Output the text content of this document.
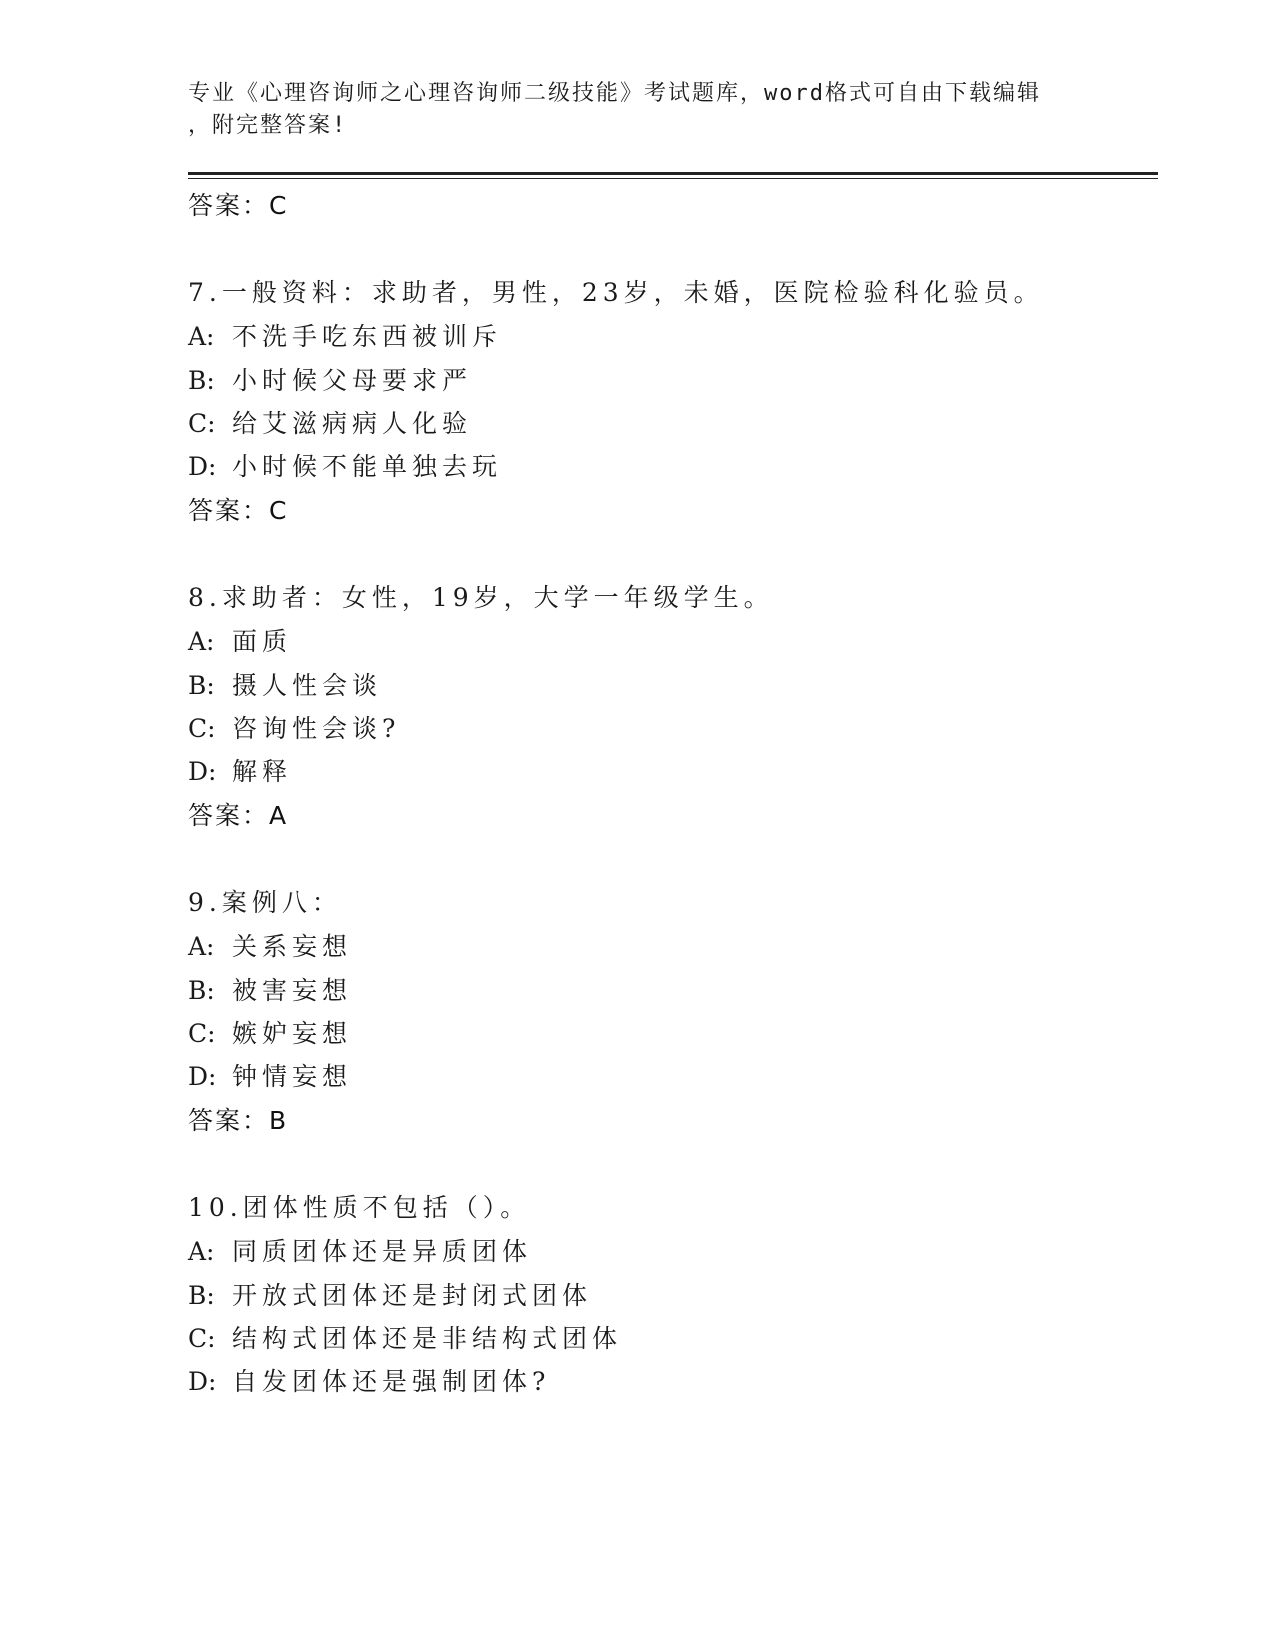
专业《心理咨询师之心理咨询师二级技能》考试题库，word格式可自由下载编辑
，附完整答案!
答案：C
7.一般资料：求助者，男性，23岁，未婚，医院检验科化验员。
A: 不洗手吃东西被训斥
B: 小时候父母要求严
C: 给艾滋病病人化验
D: 小时候不能单独去玩
答案：C
8.求助者：女性，19岁，大学一年级学生。
A: 面质
B: 摄人性会谈
C: 咨询性会谈?
D: 解释
答案：A
9.案例八：
A: 关系妄想
B: 被害妄想
C: 嫉妒妄想
D: 钟情妄想
答案：B
10.团体性质不包括（）。
A: 同质团体还是异质团体
B: 开放式团体还是封闭式团体
C: 结构式团体还是非结构式团体
D: 自发团体还是强制团体?
